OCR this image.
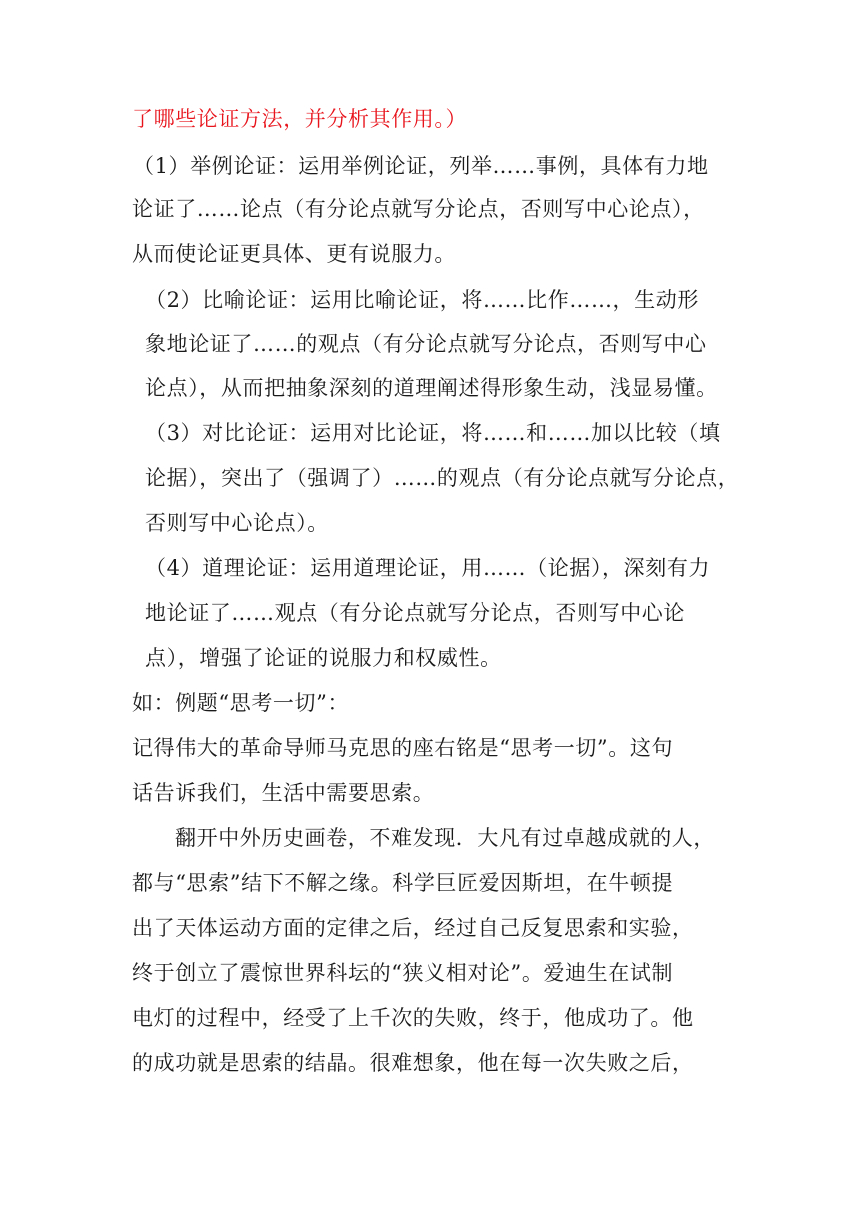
了哪些论证方法，并分析其作用。）
（1）举例论证：运用举例论证，列举……事例，具体有力地
论证了……论点（有分论点就写分论点，否则写中心论点），
从而使论证更具体、更有说服力。
（2）比喻论证：运用比喻论证，将……比作……，生动形
象地论证了……的观点（有分论点就写分论点，否则写中心
论点），从而把抽象深刻的道理阐述得形象生动，浅显易懂。
（3）对比论证：运用对比论证，将……和……加以比较（填
论据），突出了（强调了）……的观点（有分论点就写分论点，
否则写中心论点）。
（4）道理论证：运用道理论证，用……（论据），深刻有力
地论证了……观点（有分论点就写分论点，否则写中心论
点），增强了论证的说服力和权威性。
如：例题“思考一切”：
记得伟大的革命导师马克思的座右铭是“思考一切”。这句
话告诉我们，生活中需要思索。
翻开中外历史画卷，不难发现．大凡有过卓越成就的人，
都与“思索”结下不解之缘。科学巨匠爱因斯坦，在牛顿提
出了天体运动方面的定律之后，经过自己反复思索和实验，
终于创立了震惊世界科坛的“狭义相对论”。爱迪生在试制
电灯的过程中，经受了上千次的失败，终于，他成功了。他
的成功就是思索的结晶。很难想象，他在每一次失败之后，
